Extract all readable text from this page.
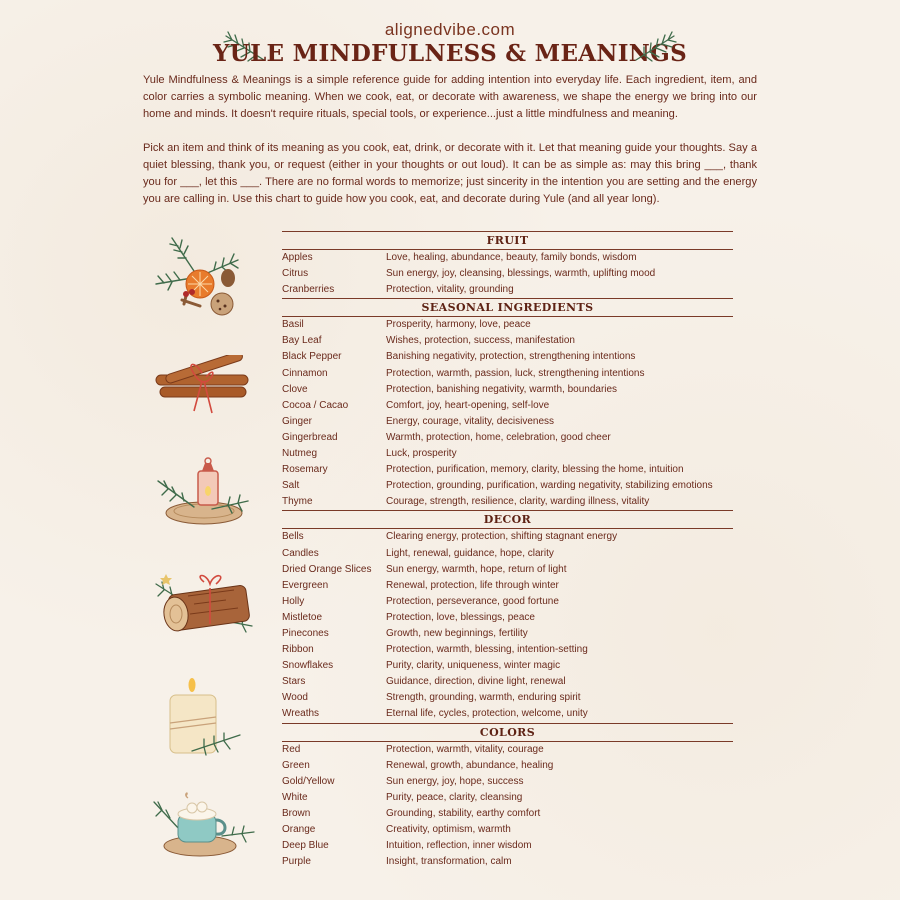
alignedvibe.com
YULE MINDFULNESS & MEANINGS
Yule Mindfulness & Meanings is a simple reference guide for adding intention into everyday life. Each ingredient, item, and color carries a symbolic meaning. When we cook, eat, or decorate with awareness, we shape the energy we bring into our home and minds. It doesn't require rituals, special tools, or experience...just a little mindfulness and meaning.
Pick an item and think of its meaning as you cook, eat, drink, or decorate with it. Let that meaning guide your thoughts. Say a quiet blessing, thank you, or request (either in your thoughts or out loud). It can be as simple as: may this bring ___, thank you for ___, let this ___. There are no formal words to memorize; just sincerity in the intention you are setting and the energy you are calling in. Use this chart to guide how you cook, eat, and decorate during Yule (and all year long).
FRUIT
Apples	Love, healing, abundance, beauty, family bonds, wisdom
Citrus	Sun energy, joy, cleansing, blessings, warmth, uplifting mood
Cranberries	Protection, vitality, grounding
SEASONAL INGREDIENTS
Basil	Prosperity, harmony, love, peace
Bay Leaf	Wishes, protection, success, manifestation
Black Pepper	Banishing negativity, protection, strengthening intentions
Cinnamon	Protection, warmth, passion, luck, strengthening intentions
Clove	Protection, banishing negativity, warmth, boundaries
Cocoa / Cacao	Comfort, joy, heart-opening, self-love
Ginger	Energy, courage, vitality, decisiveness
Gingerbread	Warmth, protection, home, celebration, good cheer
Nutmeg	Luck, prosperity
Rosemary	Protection, purification, memory, clarity, blessing the home, intuition
Salt	Protection, grounding, purification, warding negativity, stabilizing emotions
Thyme	Courage, strength, resilience, clarity, warding illness, vitality
DECOR
Bells	Clearing energy, protection, shifting stagnant energy
Candles	Light, renewal, guidance, hope, clarity
Dried Orange Slices	Sun energy, warmth, hope, return of light
Evergreen	Renewal, protection, life through winter
Holly	Protection, perseverance, good fortune
Mistletoe	Protection, love, blessings, peace
Pinecones	Growth, new beginnings, fertility
Ribbon	Protection, warmth, blessing, intention-setting
Snowflakes	Purity, clarity, uniqueness, winter magic
Stars	Guidance, direction, divine light, renewal
Wood	Strength, grounding, warmth, enduring spirit
Wreaths	Eternal life, cycles, protection, welcome, unity
COLORS
Red	Protection, warmth, vitality, courage
Green	Renewal, growth, abundance, healing
Gold/Yellow	Sun energy, joy, hope, success
White	Purity, peace, clarity, cleansing
Brown	Grounding, stability, earthy comfort
Orange	Creativity, optimism, warmth
Deep Blue	Intuition, reflection, inner wisdom
Purple	Insight, transformation, calm
